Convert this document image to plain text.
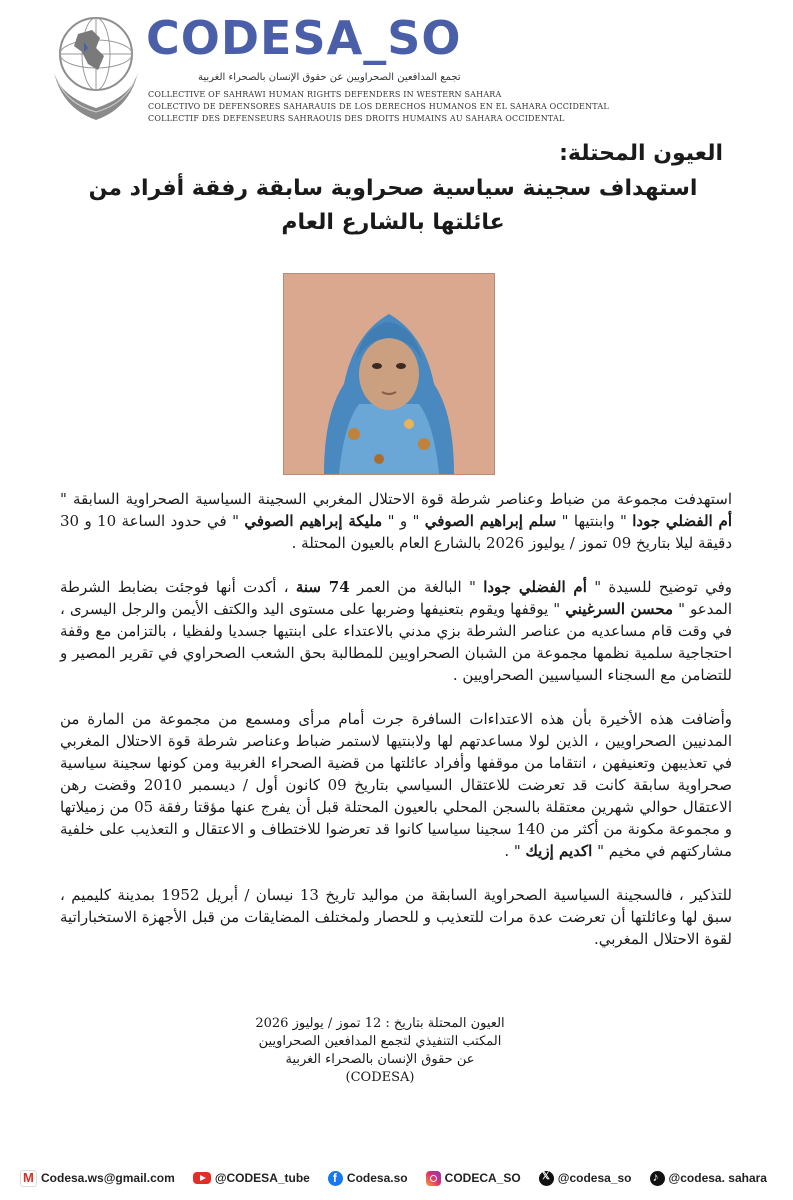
CODESA_SO
تجمع المدافعين الصحراويين عن حقوق الإنسان بالصحراء الغربية
COLLECTIVE OF SAHRAWI HUMAN RIGHTS DEFENDERS IN WESTERN SAHARA
COLECTIVO DE DEFENSORES SAHARAUIS DE LOS DERECHOS HUMANOS EN EL SAHARA OCCIDENTAL
COLLECTIF DES DEFENSEURS SAHRAOUIS DES DROITS HUMAINS AU SAHARA OCCIDENTAL
العيون المحتلة:
استهداف سجينة سياسية صحراوية سابقة رفقة أفراد من عائلتها بالشارع العام

استهدفت مجموعة من ضباط وعناصر شرطة قوة الاحتلال المغربي السجينة السياسية الصحراوية السابقة " أم الفضلي جودا " وابنتيها " سلم إبراهيم الصوفي " و " مليكة إبراهيم الصوفي " في حدود الساعة 10 و 30 دقيقة ليلا بتاريخ 09 تموز / يوليوز 2026 بالشارع العام بالعيون المحتلة .

وفي توضيح للسيدة " أم الفضلي جودا " البالغة من العمر 74 سنة ، أكدت أنها فوجئت بضابط الشرطة المدعو " محسن السرغيني " يوقفها ويقوم بتعنيفها وضربها على مستوى اليد والكتف الأيمن والرجل اليسرى ، في وقت قام مساعديه من عناصر الشرطة بزي مدني بالاعتداء على ابنتيها جسديا ولفظيا ، بالتزامن مع وقفة احتجاجية سلمية نظمها مجموعة من الشبان الصحراويين للمطالبة بحق الشعب الصحراوي في تقرير المصير و للتضامن مع السجناء السياسيين الصحراويين .

وأضافت هذه الأخيرة بأن هذه الاعتداءات السافرة جرت أمام مرأى ومسمع من مجموعة من المارة من المدنيين الصحراويين ، الذين لولا مساعدتهم لها ولابنتيها لاستمر ضباط وعناصر شرطة قوة الاحتلال المغربي في تعذيبهن وتعنيفهن ، انتقاما من موقفها وأفراد عائلتها من قضية الصحراء الغربية ومن كونها سجينة سياسية صحراوية سابقة كانت قد تعرضت للاعتقال السياسي بتاريخ 09 كانون أول / ديسمبر 2010 وقضت رهن الاعتقال حوالي شهرين معتقلة بالسجن المحلي بالعيون المحتلة قبل أن يفرج عنها مؤقتا رفقة 05 من زميلاتها و مجموعة مكونة من أكثر من 140 سجينا سياسيا كانوا قد تعرضوا للاختطاف و الاعتقال و التعذيب على خلفية مشاركتهم في مخيم " اكديم إزيك " .

للتذكير ، فالسجينة السياسية الصحراوية السابقة من مواليد تاريخ 13 نيسان / أبريل 1952 بمدينة كليميم ، سبق لها وعائلتها أن تعرضت عدة مرات للتعذيب و للحصار ولمختلف المضايقات من قبل الأجهزة الاستخباراتية لقوة الاحتلال المغربي.

العيون المحتلة بتاريخ : 12 تموز / يوليوز 2026
المكتب التنفيذي لتجمع المدافعين الصحراويين
عن حقوق الإنسان بالصحراء الغربية
(CODESA)
M
Codesa.ws@gmail.com	@CODESA_tube f	Codesa.so	CODECA_SO 𝕏	@codesa_so ♪	@codesa. sahara
